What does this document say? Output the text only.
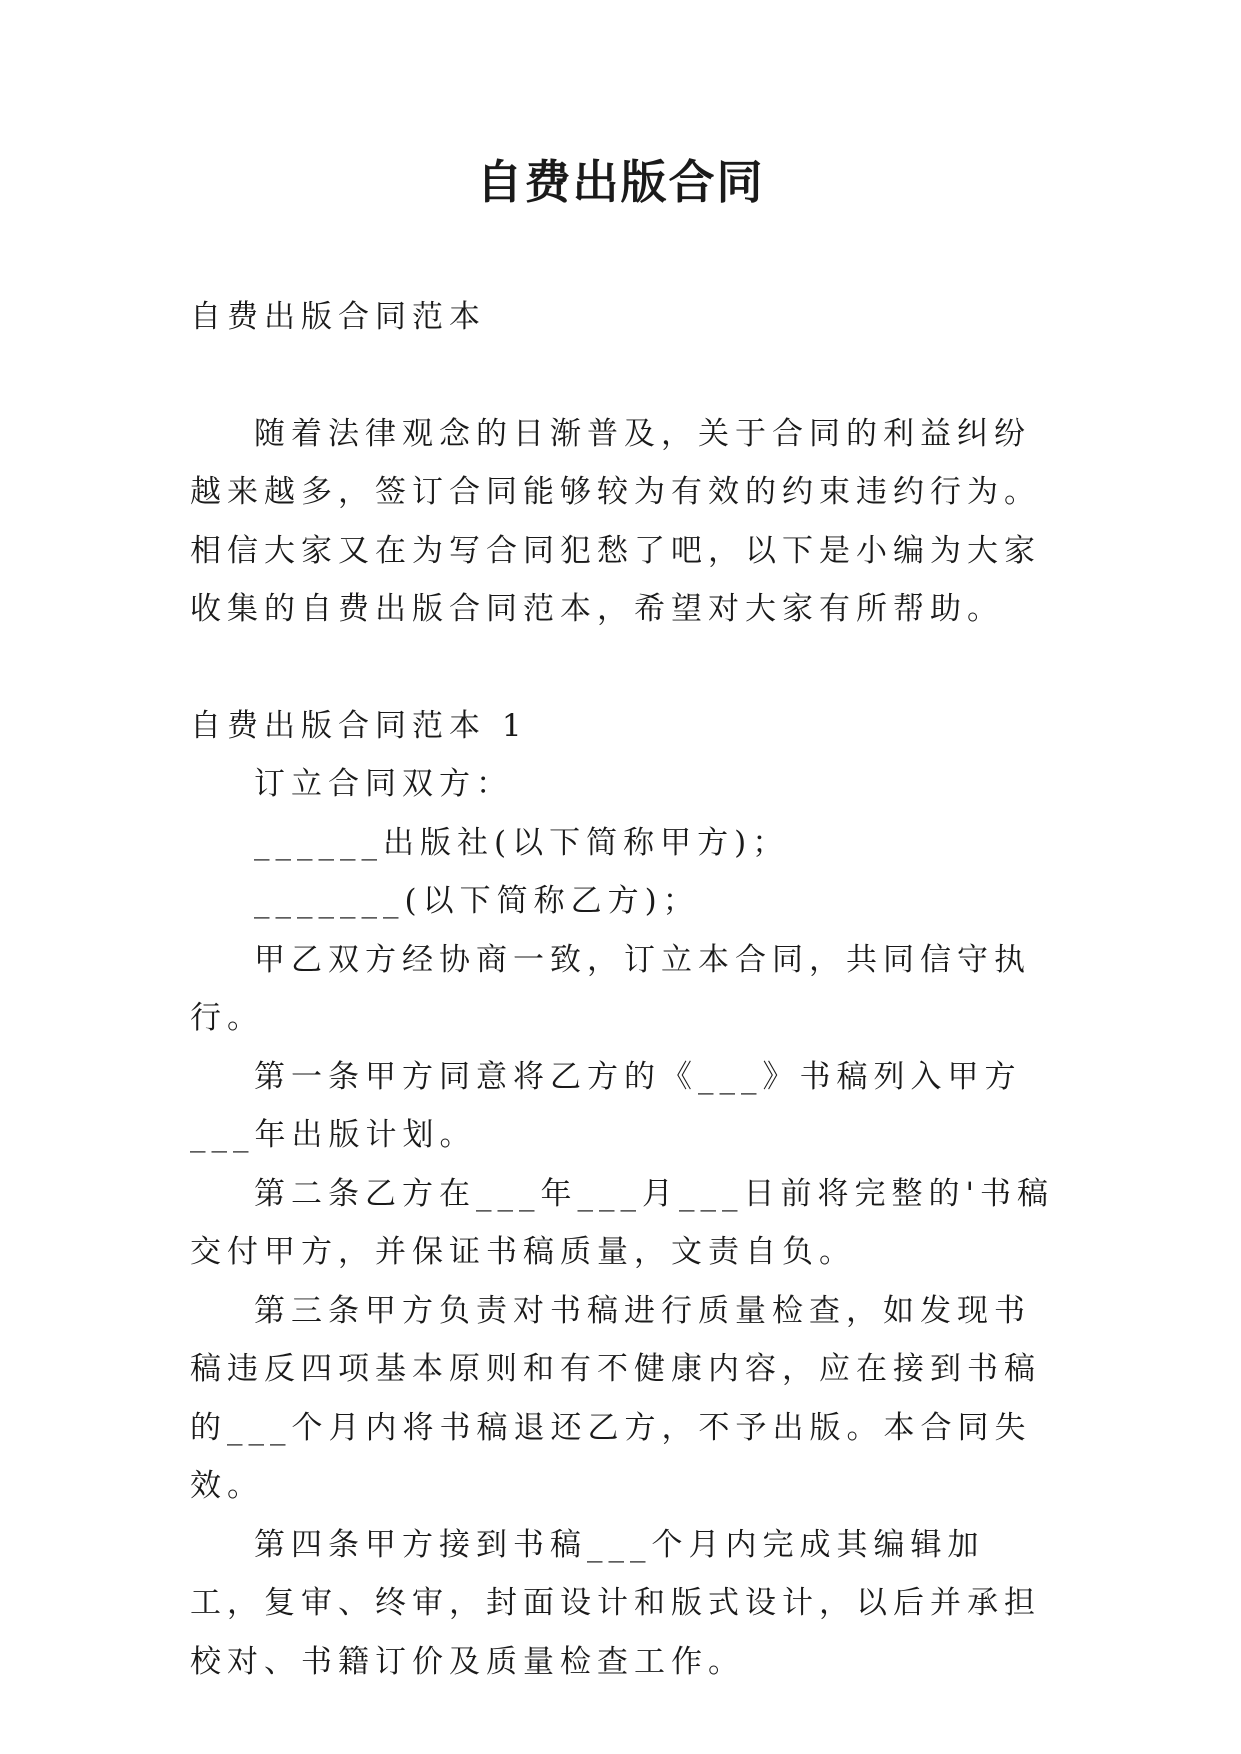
自费出版合同

自费出版合同范本

随着法律观念的日渐普及，关于合同的利益纠纷越来越多，签订合同能够较为有效的约束违约行为。相信大家又在为写合同犯愁了吧，以下是小编为大家收集的自费出版合同范本，希望对大家有所帮助。

自费出版合同范本 1

订立合同双方：

______出版社(以下简称甲方)；

_______(以下简称乙方)；

甲乙双方经协商一致，订立本合同，共同信守执行。

第一条甲方同意将乙方的《___》书稿列入甲方___年出版计划。

第二条乙方在___年___月___日前将完整的'书稿交付甲方，并保证书稿质量，文责自负。

第三条甲方负责对书稿进行质量检查，如发现书稿违反四项基本原则和有不健康内容，应在接到书稿的___个月内将书稿退还乙方，不予出版。本合同失效。

第四条甲方接到书稿___个月内完成其编辑加工，复审、终审，封面设计和版式设计，以后并承担校对、书籍订价及质量检查工作。
